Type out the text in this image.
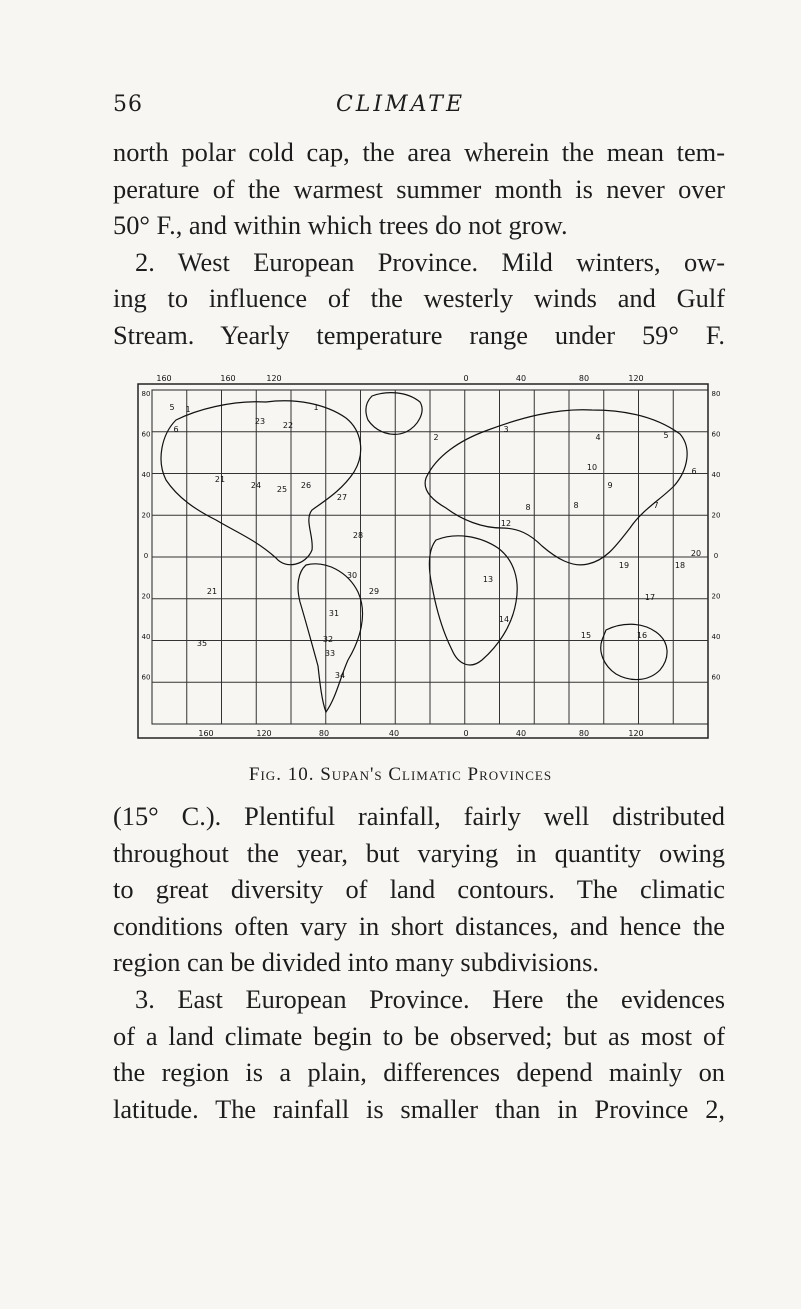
56	CLIMATE
north polar cold cap, the area wherein the mean tem-
perature of the warmest summer month is never over
50° F., and within which trees do not grow.
2. West European Province. Mild winters, ow-
ing to influence of the westerly winds and Gulf
Stream. Yearly temperature range under 59° F.
160	160	120	0	40	80	120
160	120	80	40	0	40	80	120
80
60
40
20
0
20
40
60
80
60
40
20
0
20
40
60
1
1
2
3
4	5
5
6
6
7
8
8
9
10
12
13
14
15	16
17
18
19
20
21
21
22
23
24 25 26
27
28
29
30
31
32
33
34
35
Fig. 10. Supan's Climatic Provinces
(15° C.). Plentiful rainfall, fairly well distributed
throughout the year, but varying in quantity owing
to great diversity of land contours. The climatic
conditions often vary in short distances, and hence the
region can be divided into many subdivisions.
3. East European Province. Here the evidences
of a land climate begin to be observed; but as most of
the region is a plain, differences depend mainly on
latitude. The rainfall is smaller than in Province 2,
